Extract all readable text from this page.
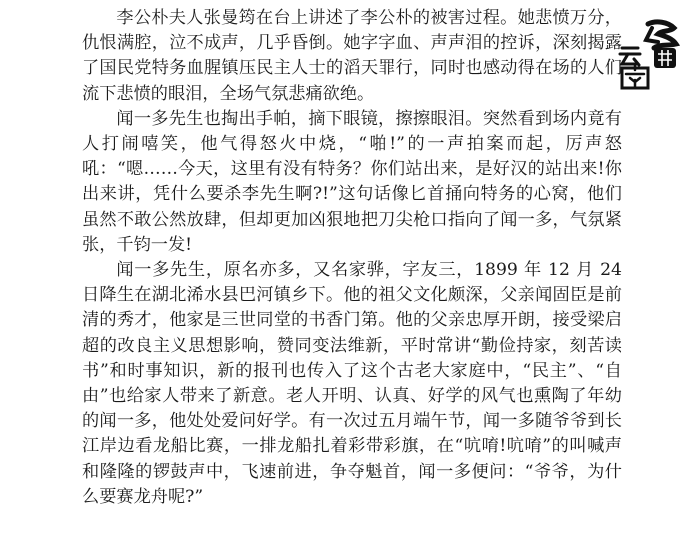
李公朴夫人张曼筠在台上讲述了李公朴的被害过程。她悲愤万分，仇恨满腔，泣不成声，几乎昏倒。她字字血、声声泪的控诉，深刻揭露了国民党特务血腥镇压民主人士的滔天罪行，同时也感动得在场的人们流下悲愤的眼泪，全场气氛悲痛欲绝。

闻一多先生也掏出手帕，摘下眼镜，擦擦眼泪。突然看到场内竟有人打闹嘻笑，他气得怒火中烧，“啪!”的一声拍案而起，厉声怒吼：“嗯……今天，这里有没有特务？你们站出来，是好汉的站出来!你出来讲，凭什么要杀李先生啊?!”这句话像匕首捅向特务的心窝，他们虽然不敢公然放肆，但却更加凶狠地把刀尖枪口指向了闻一多，气氛紧张，千钧一发!

闻一多先生，原名亦多，又名家骅，字友三，1899 年 12 月 24 日降生在湖北浠水县巴河镇乡下。他的祖父文化颇深，父亲闻固臣是前清的秀才，他家是三世同堂的书香门第。他的父亲忠厚开朗，接受梁启超的改良主义思想影响，赞同变法维新，平时常讲“勤俭持家，刻苦读书”和时事知识，新的报刊也传入了这个古老大家庭中，“民主”、“自由”也给家人带来了新意。老人开明、认真、好学的风气也熏陶了年幼的闻一多，他处处爱问好学。有一次过五月端午节，闻一多随爷爷到长江岸边看龙船比赛，一排龙船扎着彩带彩旗，在“吭唷!吭唷”的叫喊声和隆隆的锣鼓声中，飞速前进，争夺魁首，闻一多便问：“爷爷，为什么要赛龙舟呢?”
